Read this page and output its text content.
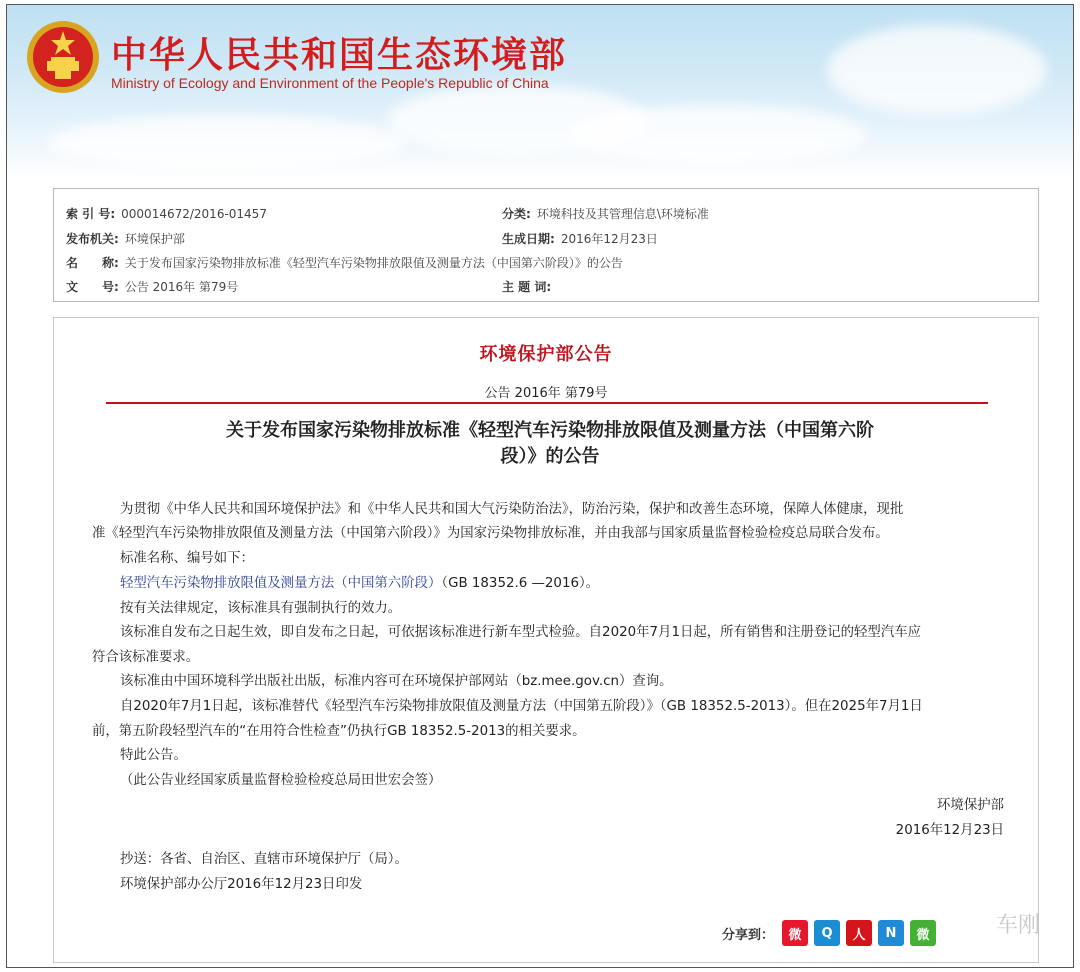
中华人民共和国生态环境部
Ministry of Ecology and Environment of the People's Republic of China
索 引 号: 000014672/2016-01457	分类: 环境科技及其管理信息\环境标准
发布机关: 环境保护部	生成日期: 2016年12月23日
名　　称: 关于发布国家污染物排放标准《轻型汽车污染物排放限值及测量方法（中国第六阶段）》的公告
文　　号: 公告 2016年 第79号	主 题 词:
环境保护部公告
公告 2016年 第79号
关于发布国家污染物排放标准《轻型汽车污染物排放限值及测量方法（中国第六阶
段）》的公告
为贯彻《中华人民共和国环境保护法》和《中华人民共和国大气污染防治法》，防治污染，保护和改善生态环境，保障人体健康，现批
准《轻型汽车污染物排放限值及测量方法（中国第六阶段）》为国家污染物排放标准，并由我部与国家质量监督检验检疫总局联合发布。
标准名称、编号如下：
轻型汽车污染物排放限值及测量方法（中国第六阶段）（GB 18352.6 —2016）。
按有关法律规定，该标准具有强制执行的效力。
该标准自发布之日起生效，即自发布之日起，可依据该标准进行新车型式检验。自2020年7月1日起，所有销售和注册登记的轻型汽车应
符合该标准要求。
该标准由中国环境科学出版社出版，标准内容可在环境保护部网站（bz.mee.gov.cn）查询。
自2020年7月1日起，该标准替代《轻型汽车污染物排放限值及测量方法（中国第五阶段）》（GB 18352.5-2013）。但在2025年7月1日
前，第五阶段轻型汽车的“在用符合性检查”仍执行GB 18352.5-2013的相关要求。
特此公告。
（此公告业经国家质量监督检验检疫总局田世宏会签）
环境保护部
2016年12月23日
抄送：各省、自治区、直辖市环境保护厅（局）。
环境保护部办公厅2016年12月23日印发
分享到：	微	Q	人	N	微	车刚
